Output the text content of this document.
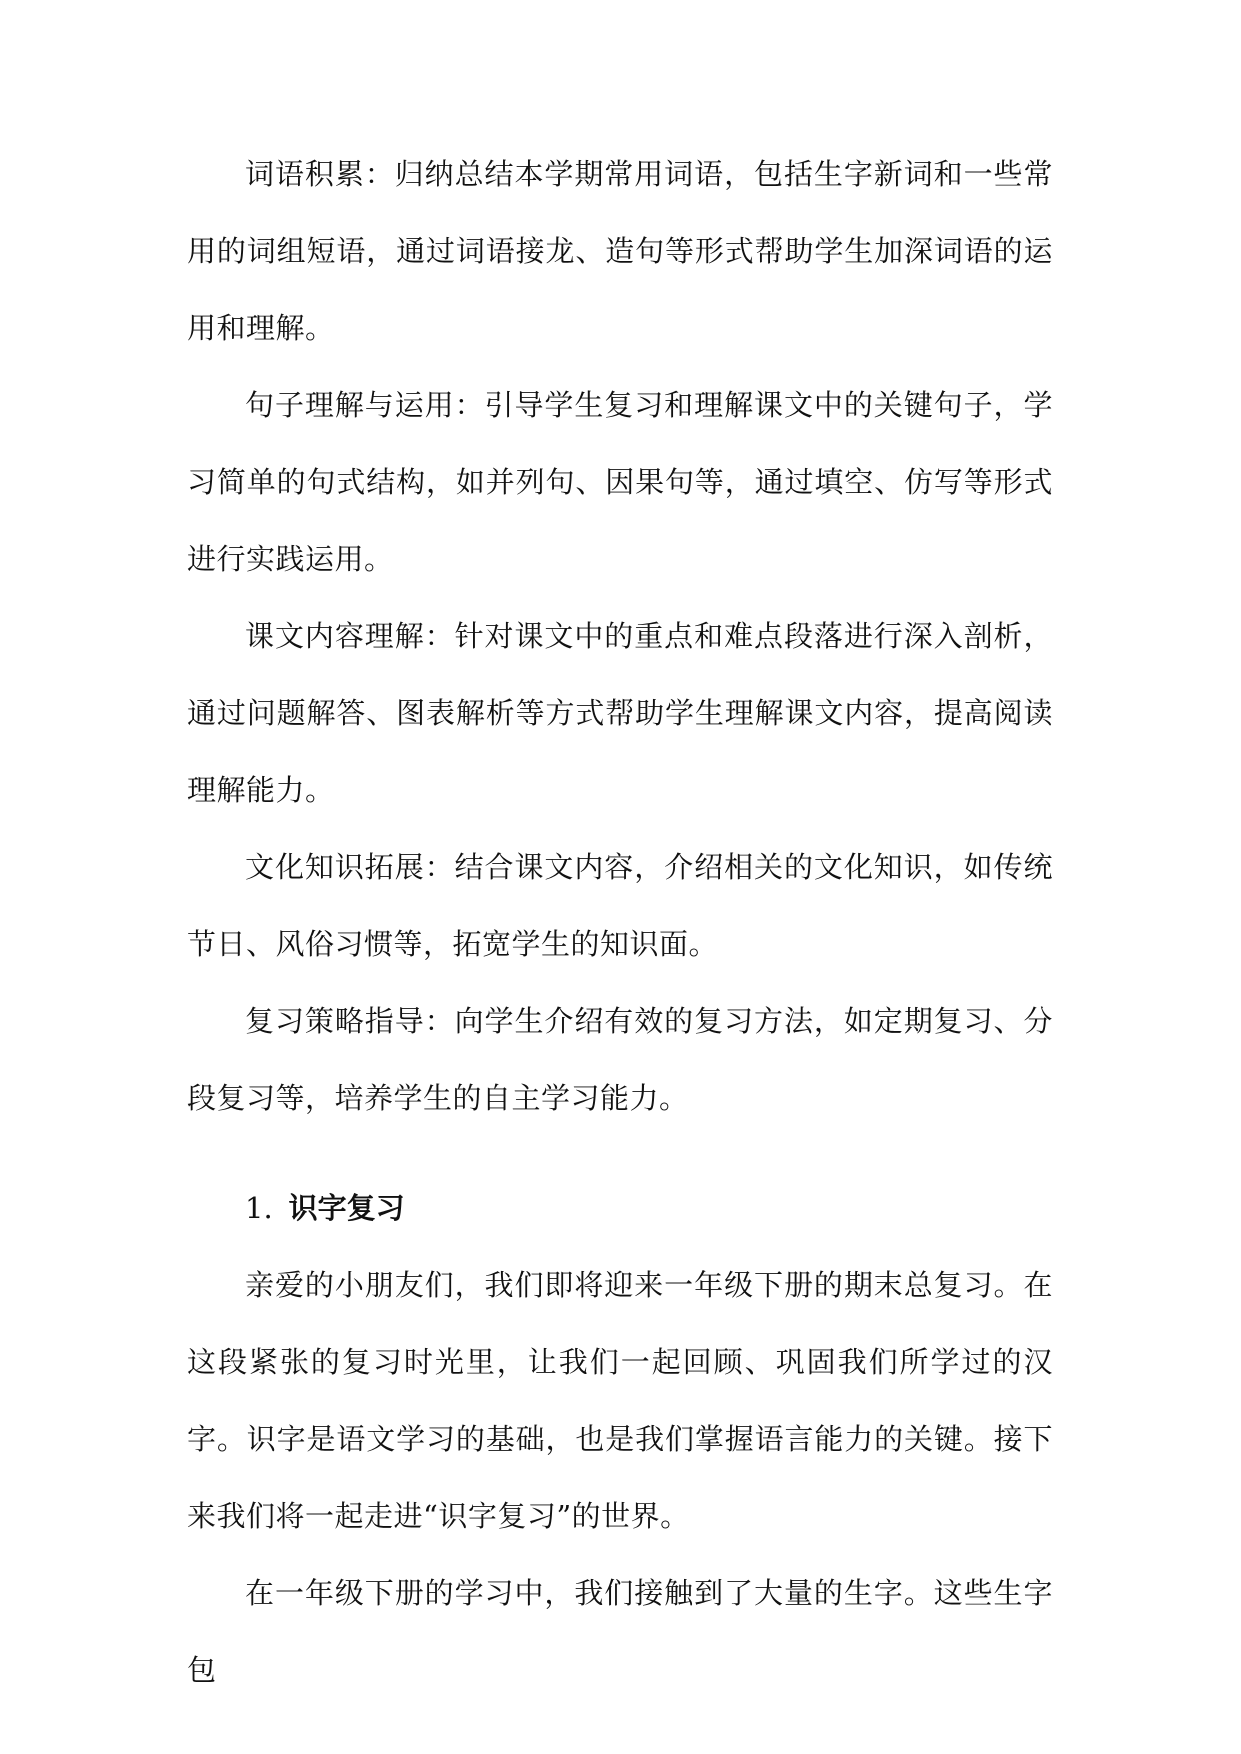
词语积累：归纳总结本学期常用词语，包括生字新词和一些常用的词组短语，通过词语接龙、造句等形式帮助学生加深词语的运用和理解。

句子理解与运用：引导学生复习和理解课文中的关键句子，学习简单的句式结构，如并列句、因果句等，通过填空、仿写等形式进行实践运用。

课文内容理解：针对课文中的重点和难点段落进行深入剖析，通过问题解答、图表解析等方式帮助学生理解课文内容，提高阅读理解能力。

文化知识拓展：结合课文内容，介绍相关的文化知识，如传统节日、风俗习惯等，拓宽学生的知识面。

复习策略指导：向学生介绍有效的复习方法，如定期复习、分段复习等，培养学生的自主学习能力。

1. 识字复习

亲爱的小朋友们，我们即将迎来一年级下册的期末总复习。在这段紧张的复习时光里，让我们一起回顾、巩固我们所学过的汉字。识字是语文学习的基础，也是我们掌握语言能力的关键。接下来我们将一起走进“识字复习”的世界。

在一年级下册的学习中，我们接触到了大量的生字。这些生字包
